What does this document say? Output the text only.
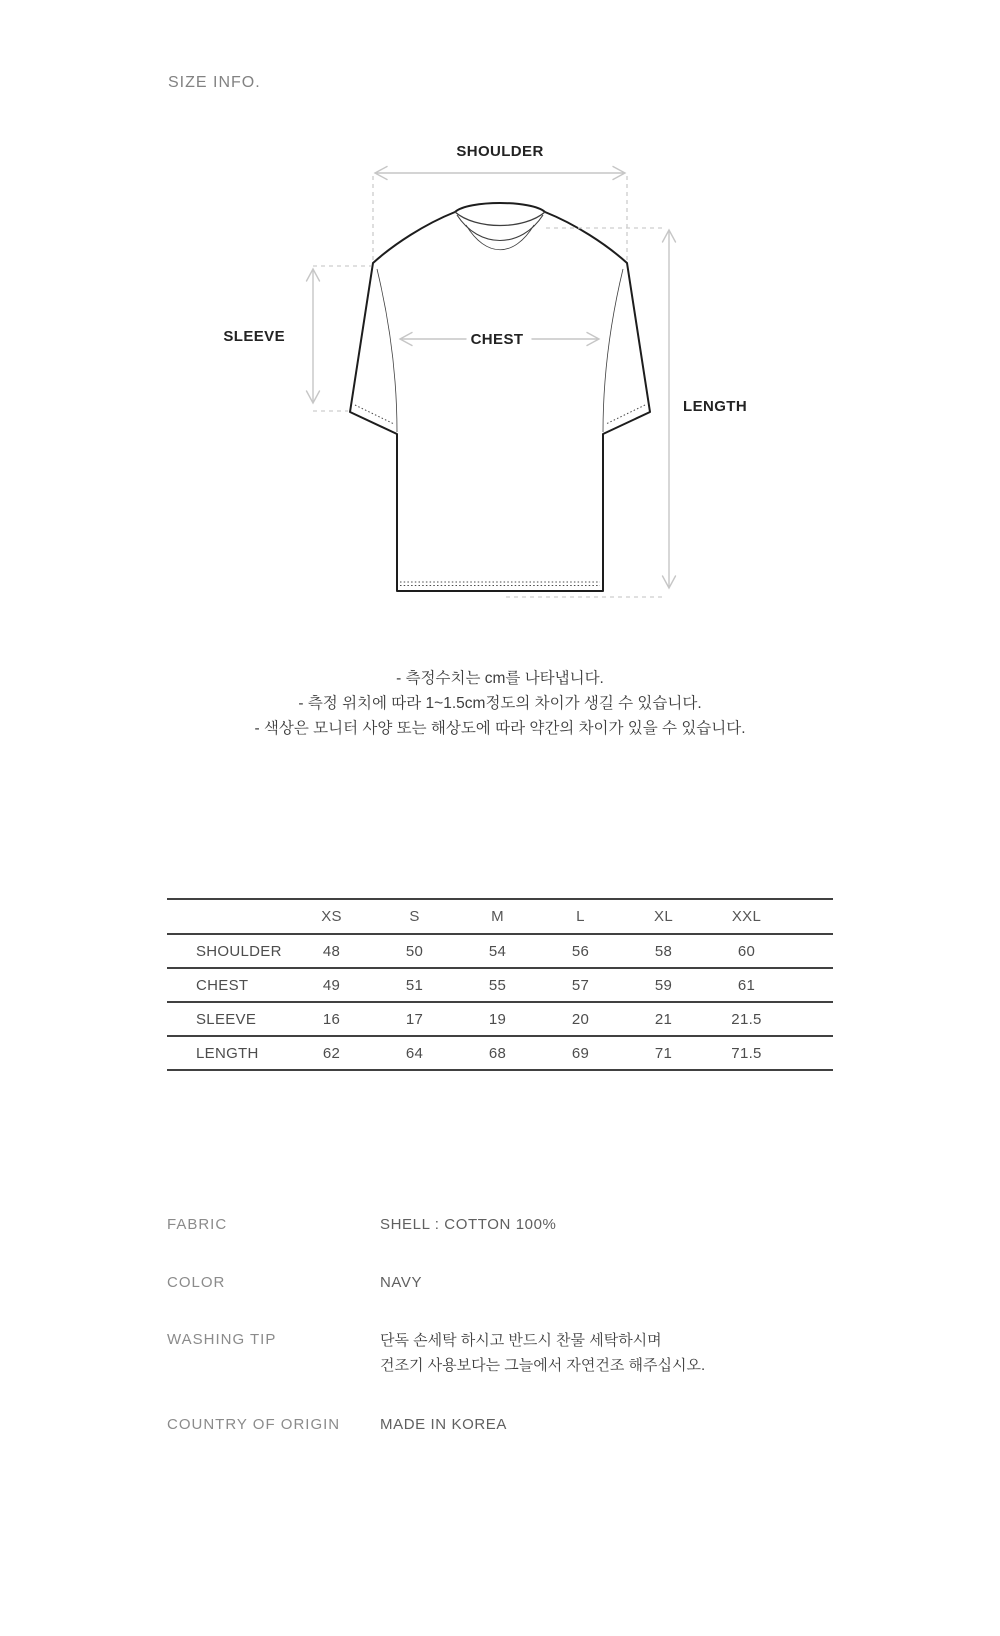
SIZE INFO.
SHOULDER
SLEEVE	CHEST
LENGTH
- 측정수치는 cm를 나타냅니다.
- 측정 위치에 따라 1~1.5cm정도의 차이가 생길 수 있습니다.
- 색상은 모니터 사양 또는 해상도에 따라 약간의 차이가 있을 수 있습니다.
	XS	S	M	L	XL	XXL	
SHOULDER	48	50	54	56	58	60	
CHEST	49	51	55	57	59	61	
SLEEVE	16	17	19	20	21	21.5	
LENGTH	62	64	68	69	71	71.5	
FABRIC	SHELL : COTTON 100%
COLOR	NAVY
WASHING TIP	단독 손세탁 하시고 반드시 찬물 세탁하시며
건조기 사용보다는 그늘에서 자연건조 해주십시오.
COUNTRY OF ORIGIN	MADE IN KOREA
